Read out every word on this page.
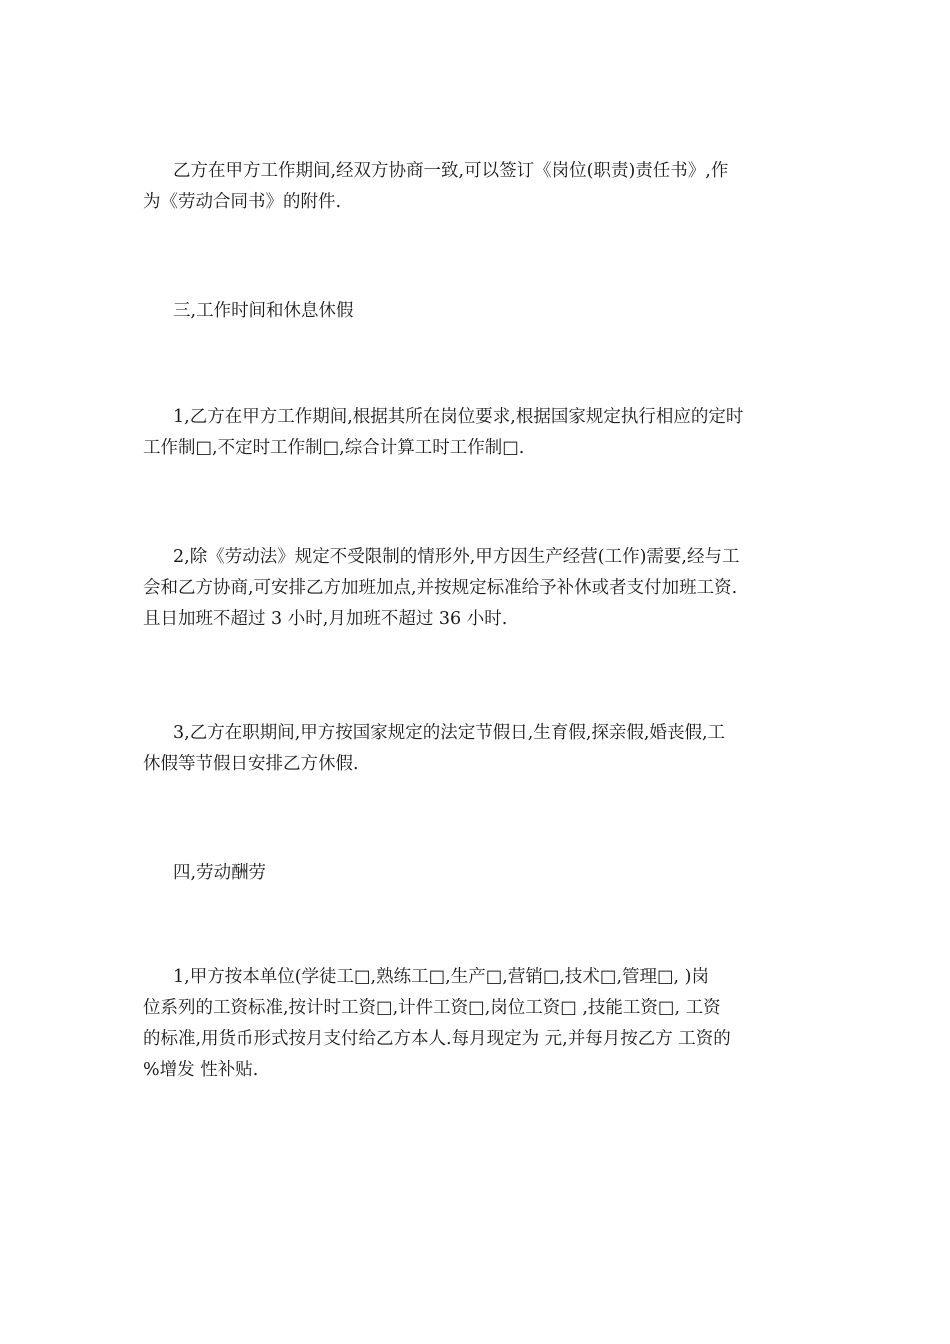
乙方在甲方工作期间,经双方协商一致,可以签订《岗位(职责)责任书》,作
为《劳动合同书》的附件.

三,工作时间和休息休假

1,乙方在甲方工作期间,根据其所在岗位要求,根据国家规定执行相应的定时
工作制□,不定时工作制□,综合计算工时工作制□.

2,除《劳动法》规定不受限制的情形外,甲方因生产经营(工作)需要,经与工
会和乙方协商,可安排乙方加班加点,并按规定标准给予补休或者支付加班工资.
且日加班不超过 3 小时,月加班不超过 36 小时.

3,乙方在职期间,甲方按国家规定的法定节假日,生育假,探亲假,婚丧假,工
休假等节假日安排乙方休假.

四,劳动酬劳

1,甲方按本单位(学徒工□,熟练工□,生产□,营销□,技术□,管理□, )岗
位系列的工资标准,按计时工资□,计件工资□,岗位工资□ ,技能工资□, 工资
的标准,用货币形式按月支付给乙方本人.每月现定为 元,并每月按乙方 工资的
%增发 性补贴.
